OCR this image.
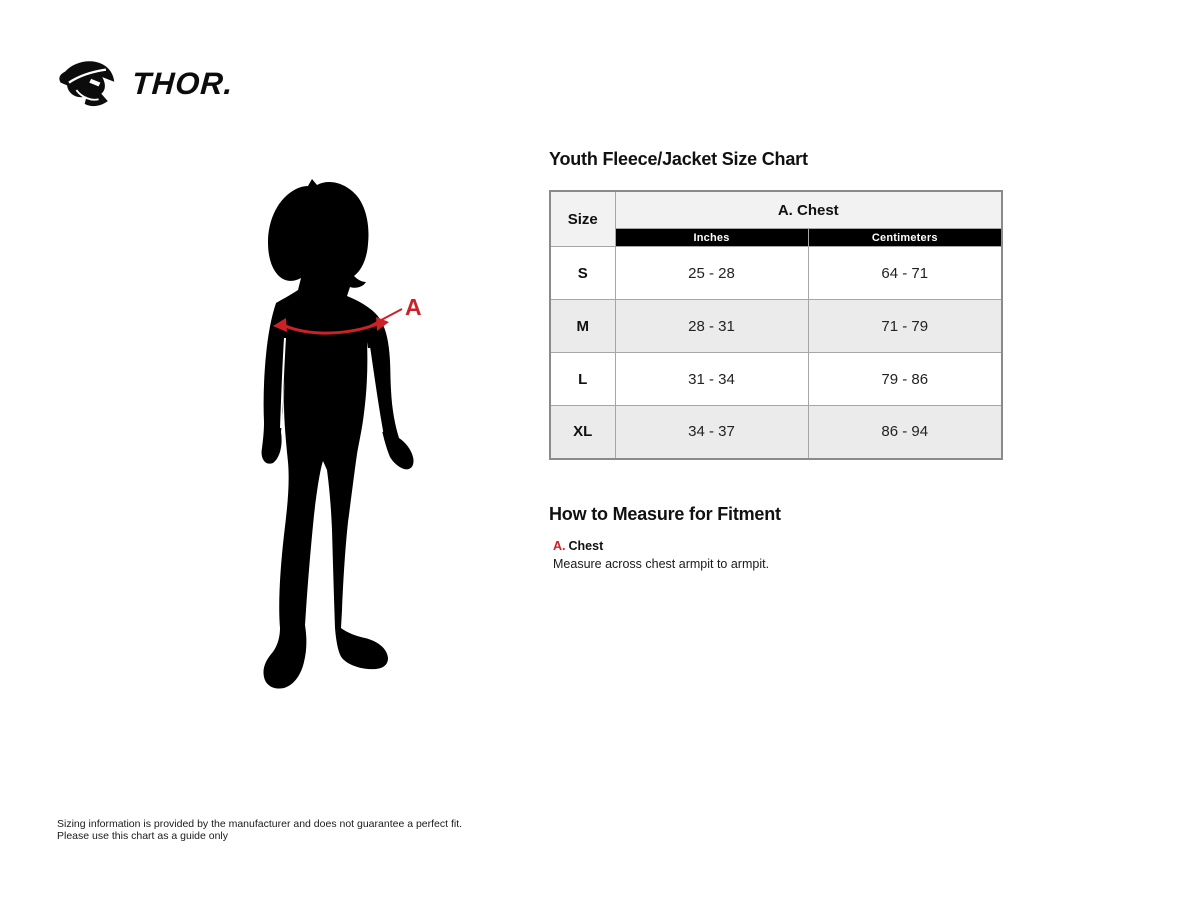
THOR.
A
Youth Fleece/Jacket Size Chart
Size	A. Chest	
	Inches	Centimeters
S	25 - 28	64 - 71
M	28 - 31	71 - 79
L	31 - 34	79 - 86
XL	34 - 37	86 - 94
How to Measure for Fitment
A. Chest
Measure across chest armpit to armpit.
Sizing information is provided by the manufacturer and does not guarantee a perfect fit.
Please use this chart as a guide only
